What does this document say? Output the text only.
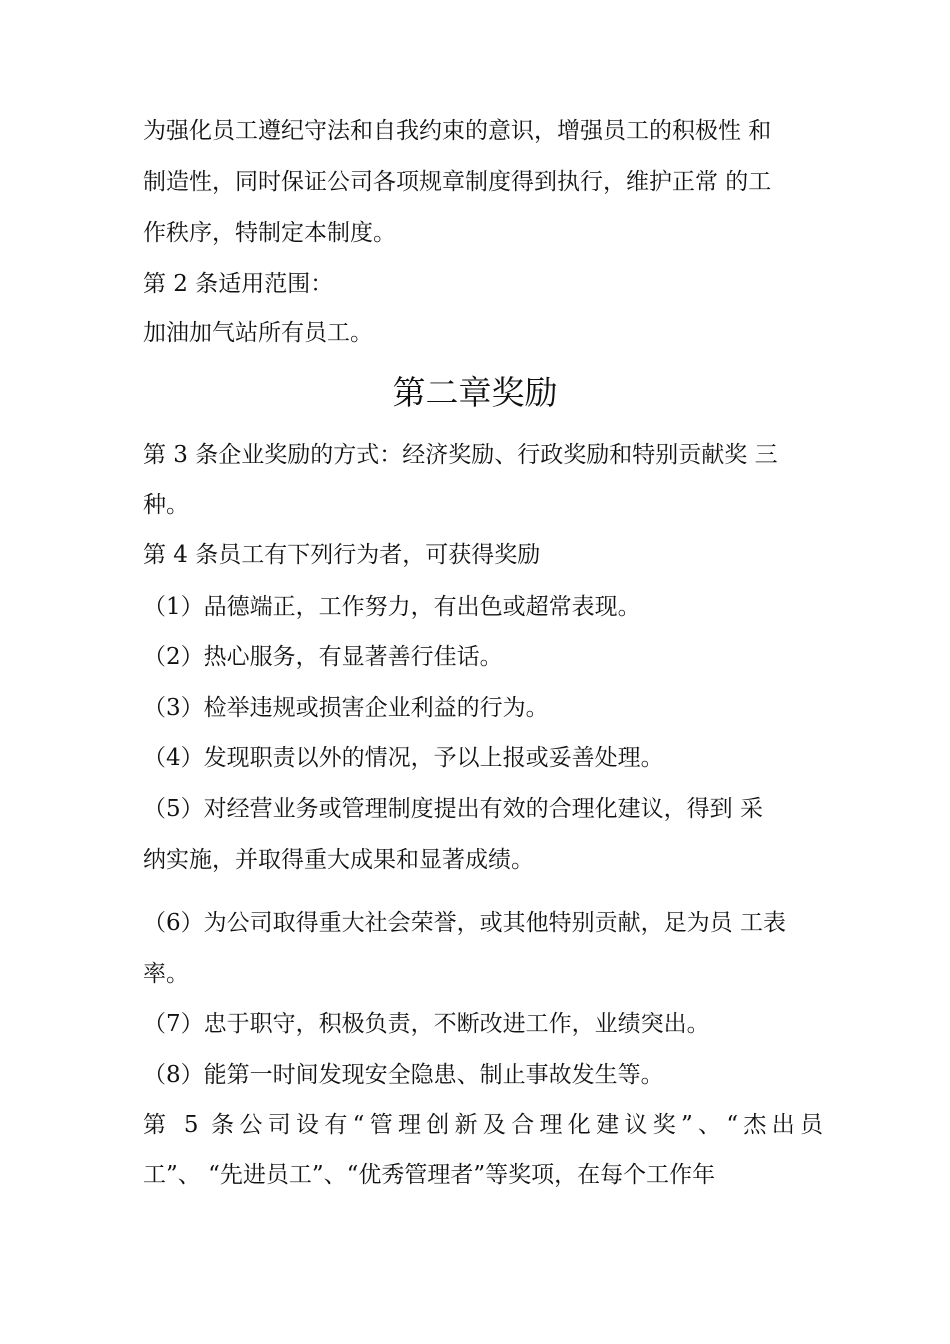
为强化员工遵纪守法和自我约束的意识，增强员工的积极性 和
制造性，同时保证公司各项规章制度得到执行，维护正常 的工
作秩序，特制定本制度。
第 2 条适用范围：
加油加气站所有员工。
第二章奖励
第 3 条企业奖励的方式：经济奖励、行政奖励和特别贡献奖 三
种。
第 4 条员工有下列行为者，可获得奖励
（1）品德端正，工作努力，有出色或超常表现。
（2）热心服务，有显著善行佳话。
（3）检举违规或损害企业利益的行为。
（4）发现职责以外的情况，予以上报或妥善处理。
（5）对经营业务或管理制度提出有效的合理化建议，得到 采
纳实施，并取得重大成果和显著成绩。
（6）为公司取得重大社会荣誉，或其他特别贡献，足为员 工表
率。
（7）忠于职守，积极负责，不断改进工作，业绩突出。
（8）能第一时间发现安全隐患、制止事故发生等。
第 5 条公司设有“管理创新及合理化建议奖”、“杰出员
工”、 “先进员工”、“优秀管理者”等奖项，在每个工作年
